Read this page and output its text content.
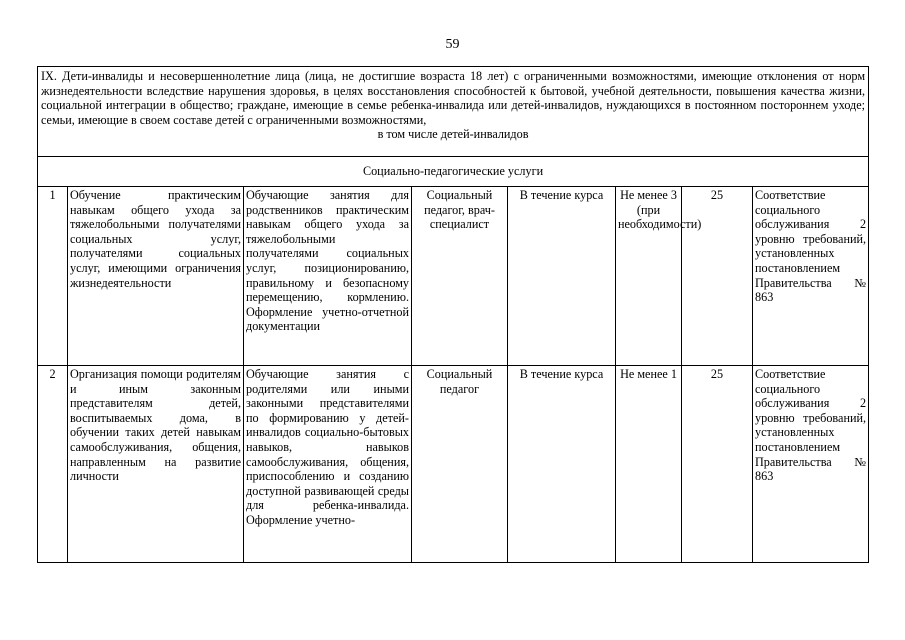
59
IX. Дети-инвалиды и несовершеннолетние лица (лица, не достигшие возраста 18 лет) с ограниченными возможностями, имеющие отклонения от норм жизнедеятельности вследствие нарушения здоровья, в целях восстановления способностей к бытовой, учебной деятельности, повышения качества жизни, социальной интеграции в общество; граждане, имеющие в семье ребенка-инвалида или детей-инвалидов, нуждающихся в постоянном постороннем уходе; семьи, имеющие в своем составе детей с ограниченными возможностями,
в том числе детей-инвалидов							

Социально-педагогические услуги							
1	Обучение практическим навыкам общего ухода за тяжелобольными получателями социальных услуг, получателями социальных услуг, имеющими ограничения жизнедеятельности	Обучающие занятия для родственников практическим навыкам общего ухода за тяжелобольными получателями социальных услуг, позиционированию, правильному и безопасному перемещению, кормлению. Оформление учетно-отчетной документации	Социальный педагог, врач-специалист	В течение курса	Не менее 3 (при необходимости)	25	Соответствие социального обслуживания 2 уровню требований, установленных постановлением Правительства № 863
2	Организация помощи родителям и иным законным представителям детей, воспитываемых дома, в обучении таких детей навыкам самообслуживания, общения, направленным на развитие личности	Обучающие занятия с родителями или иными законными представителями по формированию у детей-инвалидов социально-бытовых навыков, навыков самообслуживания, общения, приспособлению и созданию доступной развивающей среды для ребенка-инвалида. Оформление учетно-	Социальный педагог	В течение курса	Не менее 1	25	Соответствие социального обслуживания 2 уровню требований, установленных постановлением Правительства № 863
